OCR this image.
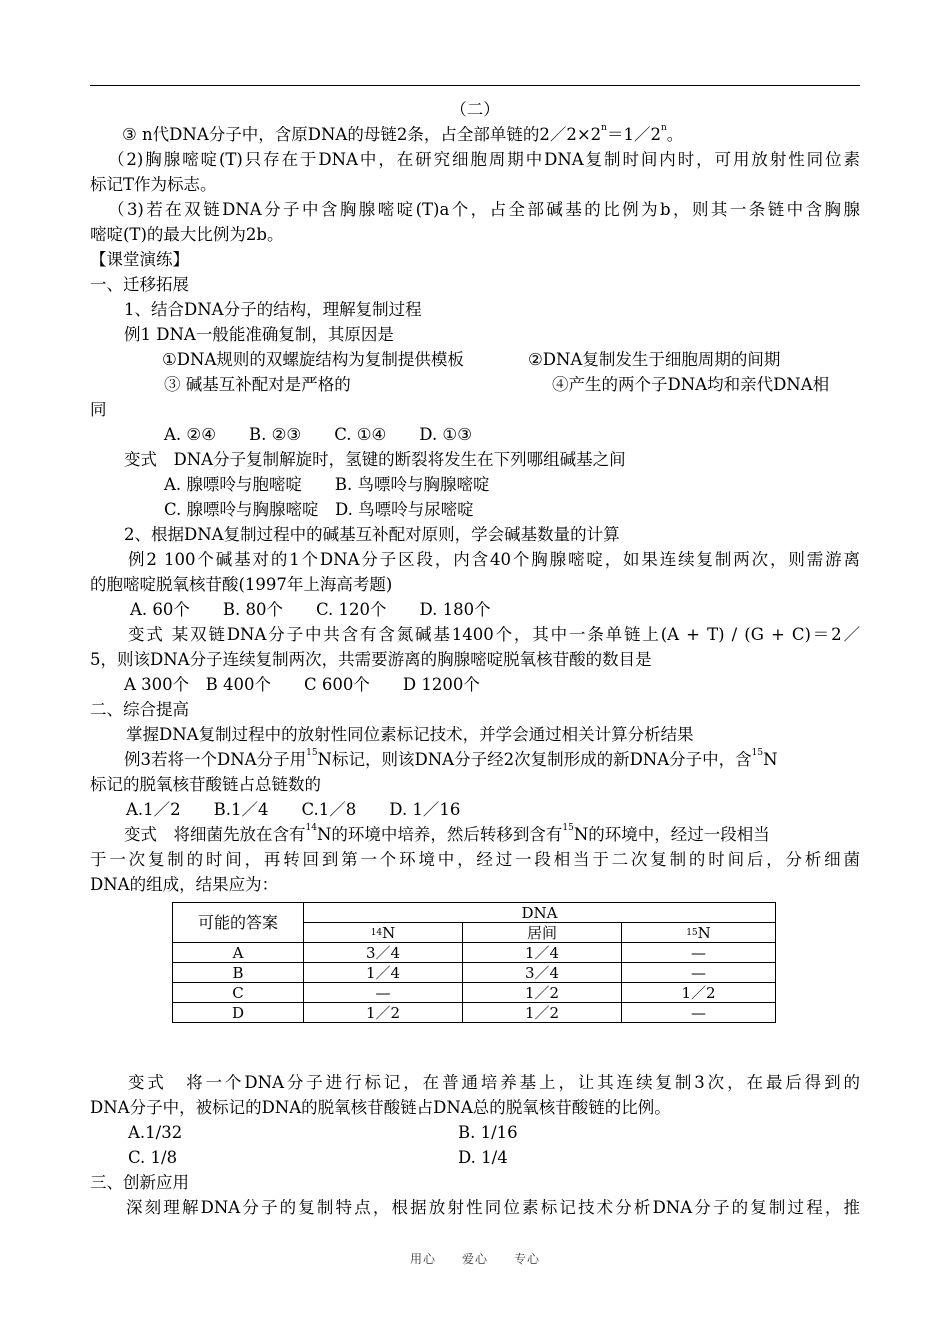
（二）
③ n代DNA分子中，含原DNA的母链2条，占全部单链的$2/2\times 2^n=1/2^n$。
（2)胸腺嘧啶(T)只存在于DNA中，在研究细胞周期中DNA复制时间内时，可用放射性同位素
标记T作为标志。
（3)若在双链DNA分子中含胸腺嘧啶(T)a个，占全部碱基的比例为b，则其一条链中含胸腺
嘧啶(T)的最大比例为2b。
【课堂演练】
一、迁移拓展
1、结合DNA分子的结构，理解复制过程
例1 DNA一般能准确复制，其原因是
①DNA规则的双螺旋结构为复制提供模板	②DNA复制发生于细胞周期的间期
③ 碱基互补配对是严格的	④产生的两个子DNA均和亲代DNA相
同
A. ②④　　B. ②③　　C. ①④　　D. ①③
变式　DNA分子复制解旋时，氢键的断裂将发生在下列哪组碱基之间
A. 腺嘌呤与胞嘧啶　　B. 鸟嘌呤与胸腺嘧啶
C. 腺嘌呤与胸腺嘧啶　D. 鸟嘌呤与尿嘧啶
2、根据DNA复制过程中的碱基互补配对原则，学会碱基数量的计算
例2 100个碱基对的1个DNA分子区段，内含40个胸腺嘧啶，如果连续复制两次，则需游离
的胞嘧啶脱氧核苷酸(1997年上海高考题)
A. 60个　　B. 80个　　C. 120个　　D. 180个
变式 某双链DNA分子中共含有含氮碱基1400个，其中一条单链上(A + T) / (G + C)＝2／
5，则该DNA分子连续复制两次，共需要游离的胸腺嘧啶脱氧核苷酸的数目是
A 300个　B 400个　　C 600个　　D 1200个
二、综合提高
掌握DNA复制过程中的放射性同位素标记技术，并学会通过相关计算分析结果
例3若将一个DNA分子用$^{15}$N标记，则该DNA分子经2次复制形成的新DNA分子中，含$^{15}$N
标记的脱氧核苷酸链占总链数的
A.1／2　　B.1／4　　C.1／8　　D. 1／16
变式　将细菌先放在含有$^{14}$N的环境中培养，然后转移到含有$^{15}$N的环境中，经过一段相当
于一次复制的时间，再转回到第一个环境中，经过一段相当于二次复制的时间后，分析细菌
DNA的组成，结果应为：
可能的答案	DNA		
	$^{14}$N	居间	$^{15}$N
A	3／4	1／4	—
B	1／4	3／4	—
C	—	1／2	1／2
D	1／2	1／2	—
变式　将一个DNA分子进行标记，在普通培养基上，让其连续复制3次，在最后得到的
DNA分子中，被标记的DNA的脱氧核苷酸链占DNA总的脱氧核苷酸链的比例。
A.1/32	B. 1/16
C. 1/8	D. 1/4
三、创新应用
深刻理解DNA分子的复制特点，根据放射性同位素标记技术分析DNA分子的复制过程，推
用心 爱心 专心
